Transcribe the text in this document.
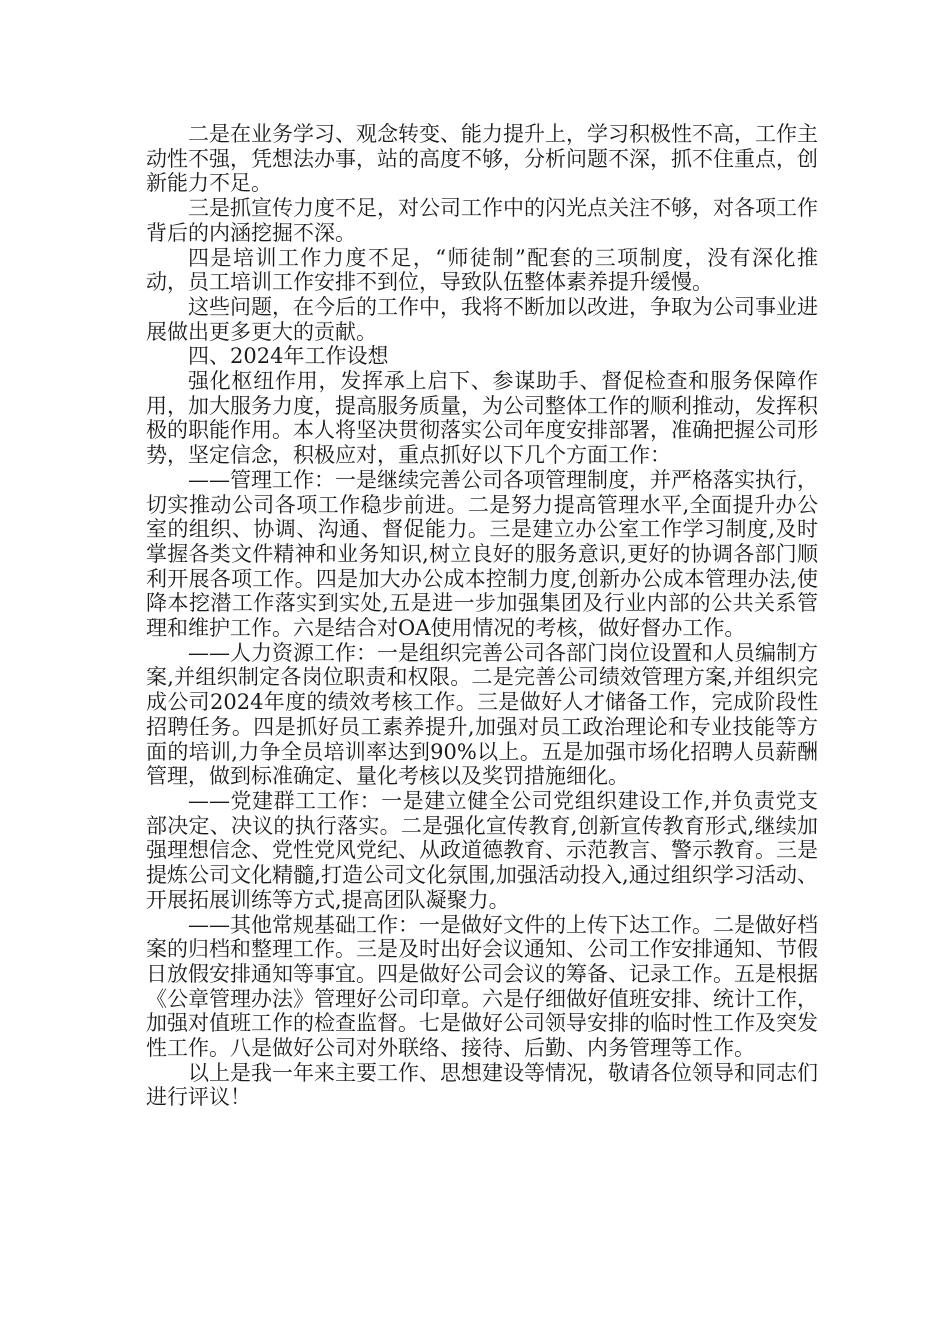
二是在业务学习、观念转变、能力提升上，学习积极性不高，工作主动性不强，凭想法办事，站的高度不够，分析问题不深，抓不住重点，创新能力不足。

三是抓宣传力度不足，对公司工作中的闪光点关注不够，对各项工作背后的内涵挖掘不深。

四是培训工作力度不足，“师徒制”配套的三项制度，没有深化推动，员工培训工作安排不到位，导致队伍整体素养提升缓慢。

这些问题，在今后的工作中，我将不断加以改进，争取为公司事业进展做出更多更大的贡献。

四、2024年工作设想

强化枢纽作用，发挥承上启下、参谋助手、督促检查和服务保障作用，加大服务力度，提高服务质量，为公司整体工作的顺利推动，发挥积极的职能作用。本人将坚决贯彻落实公司年度安排部署，准确把握公司形势，坚定信念，积极应对，重点抓好以下几个方面工作：

——管理工作：一是继续完善公司各项管理制度，并严格落实执行，切实推动公司各项工作稳步前进。二是努力提高管理水平,全面提升办公室的组织、协调、沟通、督促能力。三是建立办公室工作学习制度,及时掌握各类文件精神和业务知识,树立良好的服务意识,更好的协调各部门顺利开展各项工作。四是加大办公成本控制力度,创新办公成本管理办法,使降本挖潜工作落实到实处,五是进一步加强集团及行业内部的公共关系管理和维护工作。六是结合对OA使用情况的考核，做好督办工作。

——人力资源工作：一是组织完善公司各部门岗位设置和人员编制方案,并组织制定各岗位职责和权限。二是完善公司绩效管理方案,并组织完成公司2024年度的绩效考核工作。三是做好人才储备工作，完成阶段性招聘任务。四是抓好员工素养提升,加强对员工政治理论和专业技能等方面的培训,力争全员培训率达到90%以上。五是加强市场化招聘人员薪酬管理，做到标准确定、量化考核以及奖罚措施细化。

——党建群工工作：一是建立健全公司党组织建设工作,并负责党支部决定、决议的执行落实。二是强化宣传教育,创新宣传教育形式,继续加强理想信念、党性党风党纪、从政道德教育、示范教言、警示教育。三是提炼公司文化精髓,打造公司文化氛围,加强活动投入,通过组织学习活动、开展拓展训练等方式,提高团队凝聚力。

——其他常规基础工作：一是做好文件的上传下达工作。二是做好档案的归档和整理工作。三是及时出好会议通知、公司工作安排通知、节假日放假安排通知等事宜。四是做好公司会议的筹备、记录工作。五是根据《公章管理办法》管理好公司印章。六是仔细做好值班安排、统计工作，加强对值班工作的检查监督。七是做好公司领导安排的临时性工作及突发性工作。八是做好公司对外联络、接待、后勤、内务管理等工作。

以上是我一年来主要工作、思想建设等情况，敬请各位领导和同志们进行评议！
